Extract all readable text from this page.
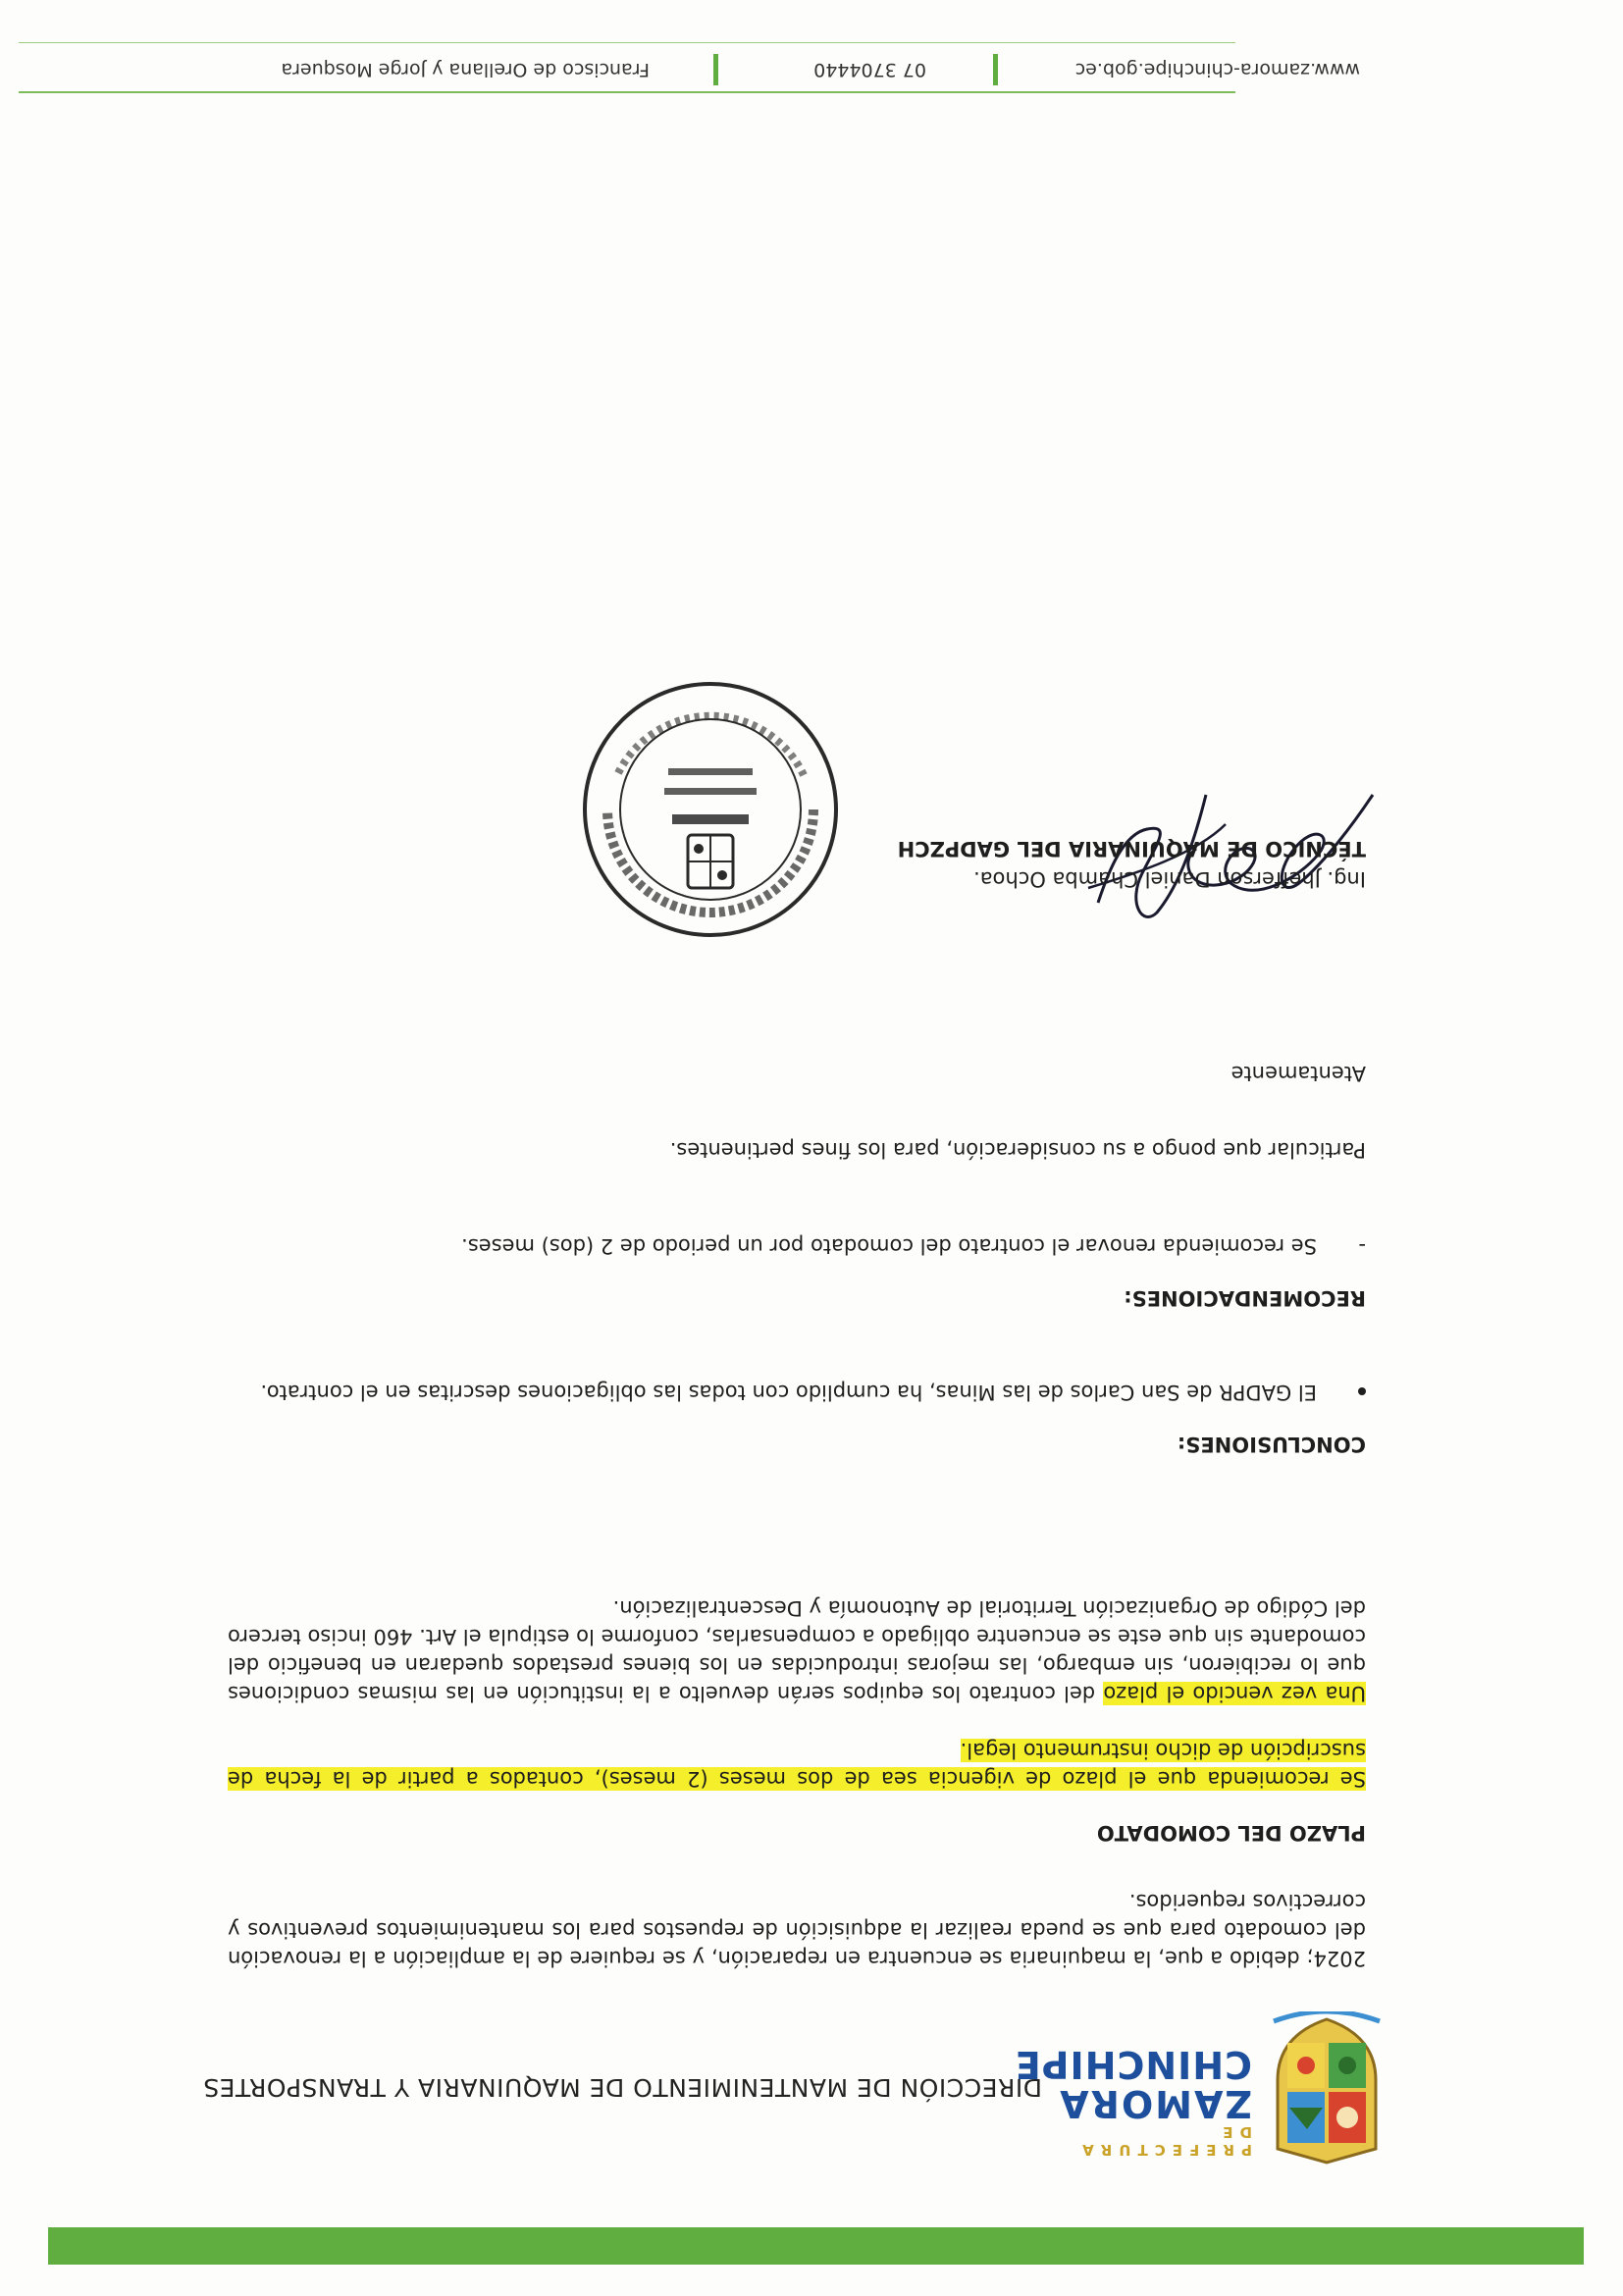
PREFECTURA DE
ZAMORA
CHINCHIPE
DIRECCIÓN DE MANTENIMIENTO DE MAQUINARIA Y TRANSPORTES
2024; debido a que, la maquinaria se encuentra en reparación, y se requiere de la ampliación a la renovación del comodato para que se pueda realizar la adquisición de repuestos para los mantenimientos preventivos y correctivos requeridos.
PLAZO DEL COMODATO
Se recomienda que el plazo de vigencia sea de dos meses (2 meses), contados a partir de la fecha de suscripción de dicho instrumento legal.
Una vez vencido el plazo del contrato los equipos serán devuelto a la institución en las mismas condiciones que lo recibieron, sin embargo, las mejoras introducidas en los bienes prestados quedaran en beneficio del comodante sin que este se encuentre obligado a compensarlas, conforme lo estipula el Art. 460 inciso tercero del Código de Organización Territorial de Autonomía y Descentralización.
CONCLUSIONES:
El GADPR de San Carlos de las Minas, ha cumplido con todas las obligaciones descritas en el contrato.
RECOMENDACIONES:
-
Se recomienda renovar el contrato del comodato por un periodo de 2 (dos) meses.
Particular que pongo a su consideración, para los fines pertinentes.
Atentamente
Ing. Jhefferson Daniel Chamba Ochoa.
TÉCNICO DE MAQUINARIA DEL GADPZCH
www.zamora-chinchipe.gob.ec
07 3704440
Francisco de Orellana y Jorge Mosquera
